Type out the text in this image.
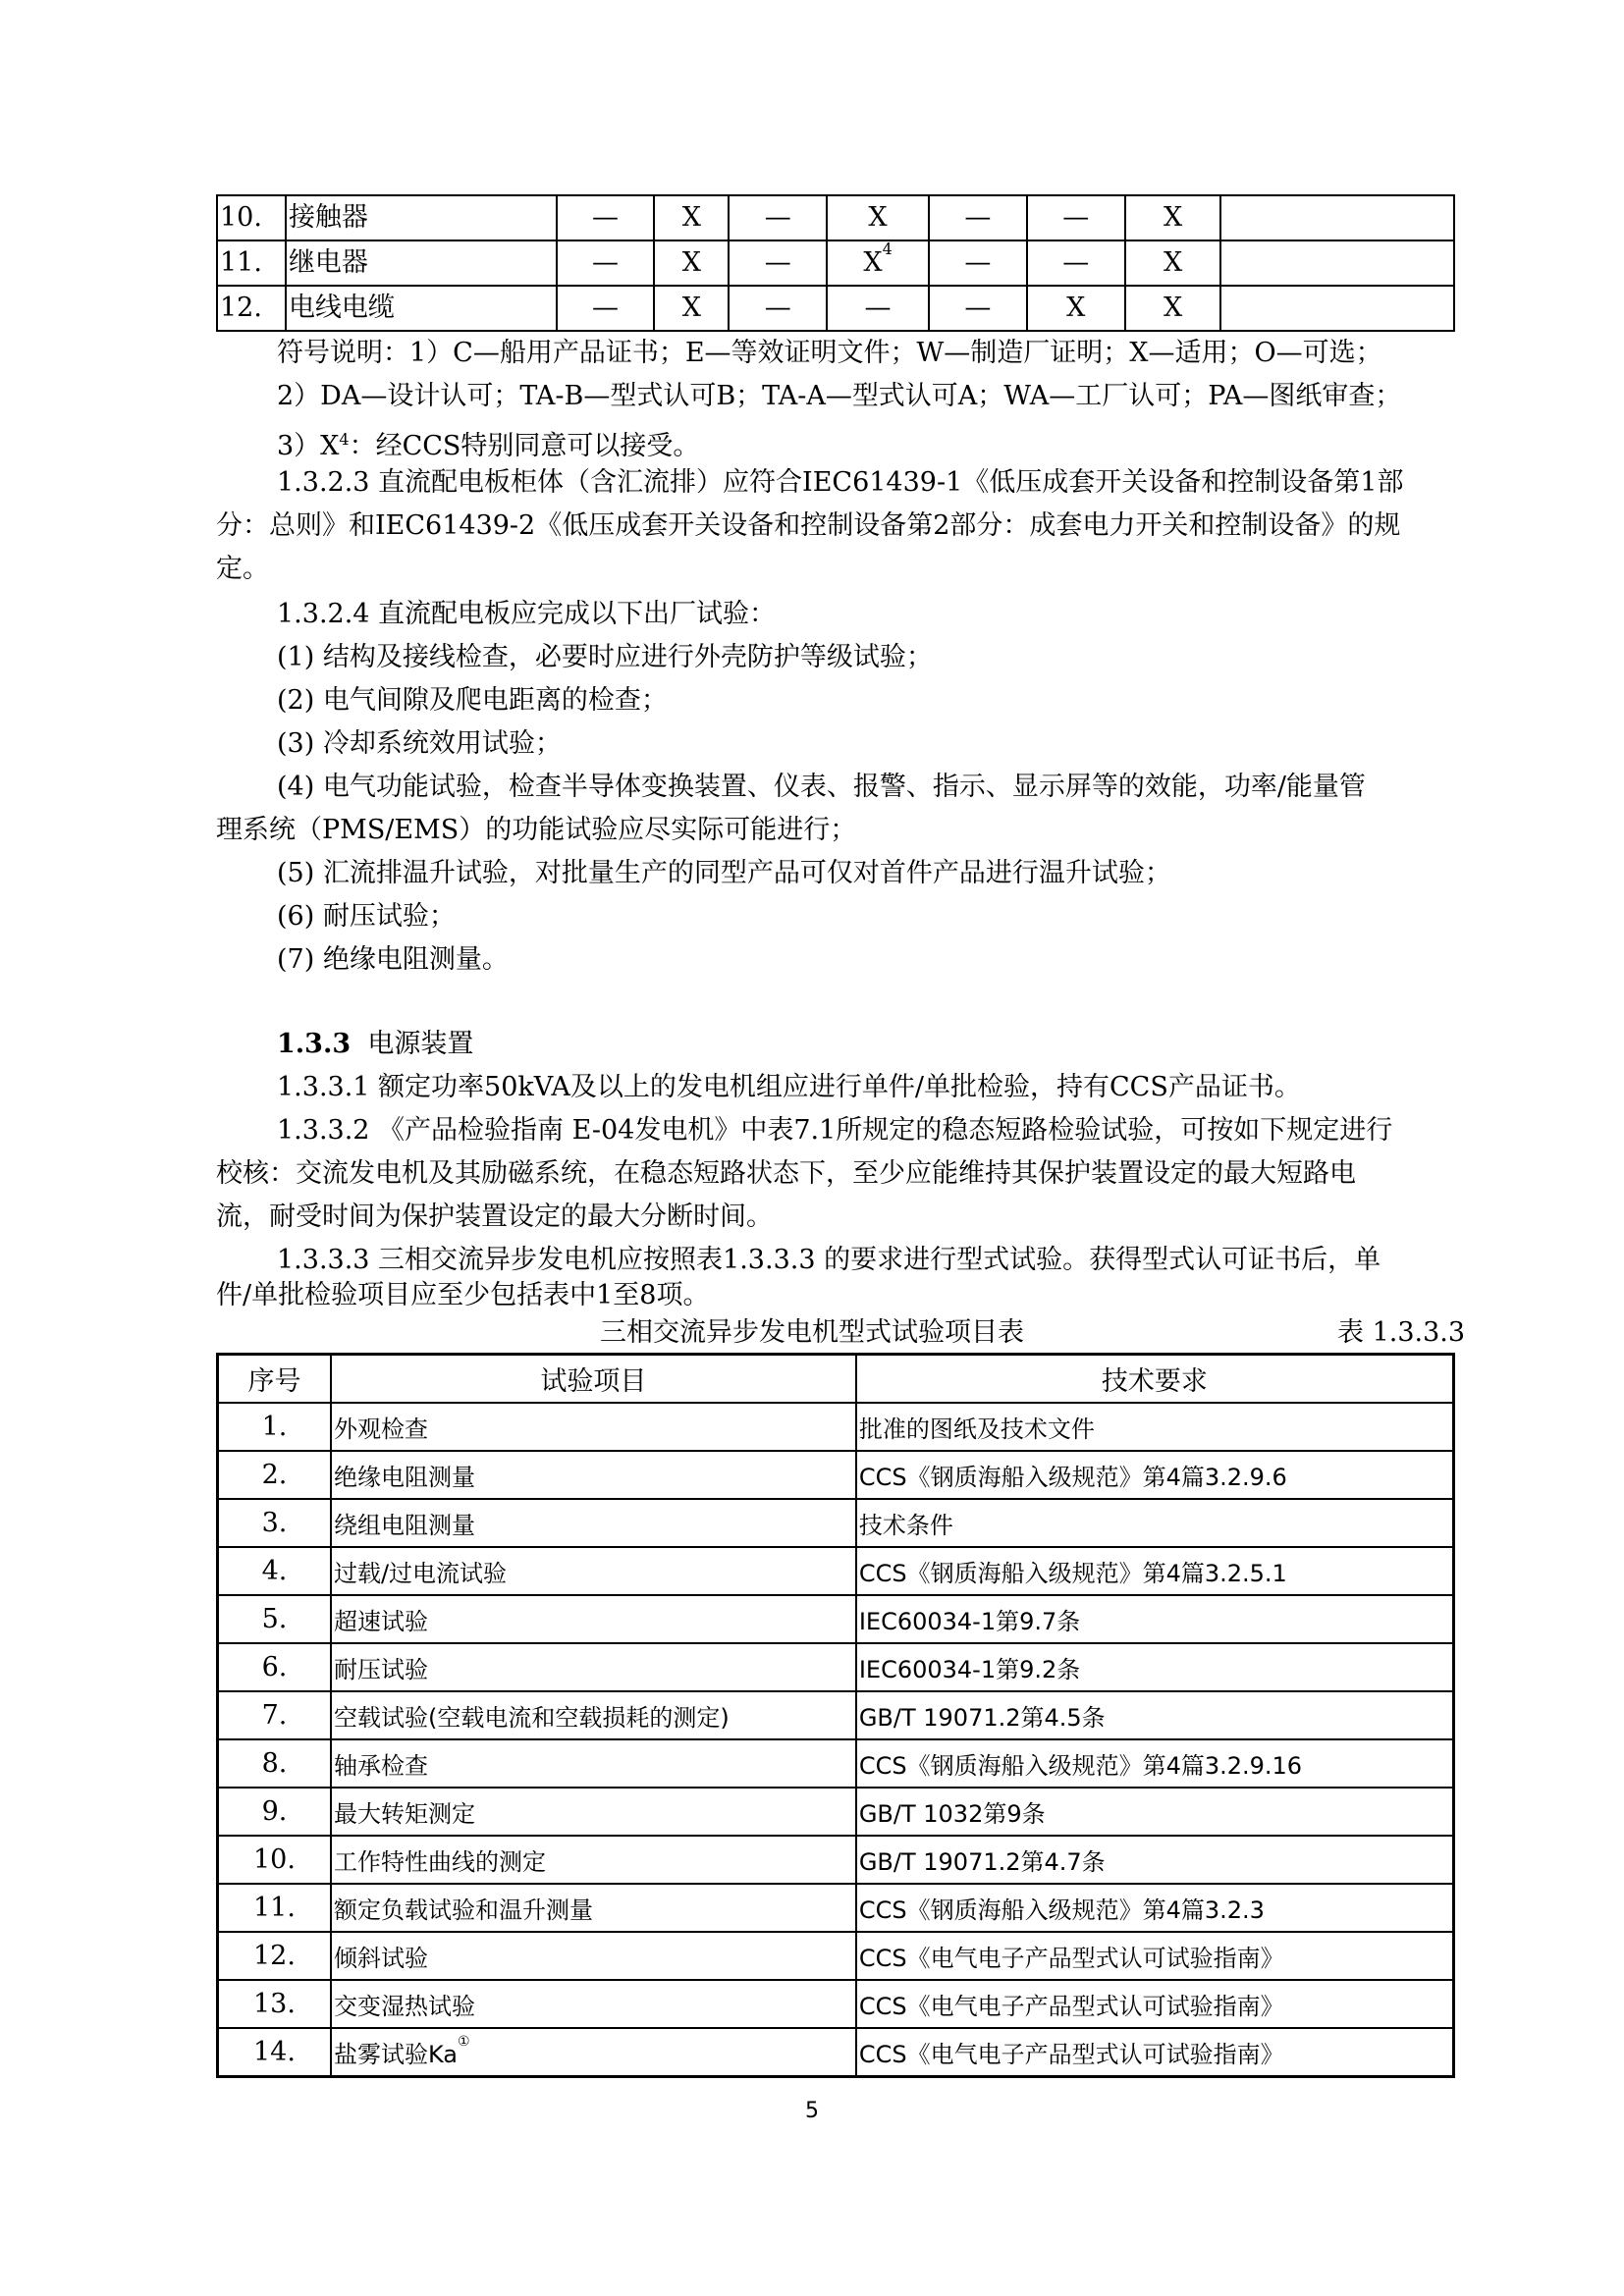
10.	接触器	—	X	—	X	—	—	X	
11.	继电器	—	X	—	$X^4$	—	—	X	
12.	电线电缆	—	X	—	—	—	X	X	
符号说明：1）C—船用产品证书；E—等效证明文件；W—制造厂证明；X—适用；O—可选；
2）DA—设计认可；TA-B—型式认可B；TA-A—型式认可A；WA—工厂认可；PA—图纸审查；
$3)X^4$：经CCS特别同意可以接受。
1.3.2.3 直流配电板柜体（含汇流排）应符合IEC61439-1《低压成套开关设备和控制设备第1部
分：总则》和IEC61439-2《低压成套开关设备和控制设备第2部分：成套电力开关和控制设备》的规
定。
1.3.2.4 直流配电板应完成以下出厂试验：
(1) 结构及接线检查，必要时应进行外壳防护等级试验；
(2) 电气间隙及爬电距离的检查；
(3) 冷却系统效用试验；
(4) 电气功能试验，检查半导体变换装置、仪表、报警、指示、显示屏等的效能，功率/能量管
理系统（PMS/EMS）的功能试验应尽实际可能进行；
(5) 汇流排温升试验，对批量生产的同型产品可仅对首件产品进行温升试验；
(6) 耐压试验；
(7) 绝缘电阻测量。
1.3.3 电源装置
1.3.3.1 额定功率50kVA及以上的发电机组应进行单件/单批检验，持有CCS产品证书。
1.3.3.2 《产品检验指南 E-04发电机》中表7.1所规定的稳态短路检验试验，可按如下规定进行
校核：交流发电机及其励磁系统，在稳态短路状态下，至少应能维持其保护装置设定的最大短路电
流，耐受时间为保护装置设定的最大分断时间。
1.3.3.3 三相交流异步发电机应按照表1.3.3.3 的要求进行型式试验。获得型式认可证书后，单
件/单批检验项目应至少包括表中1至8项。
三相交流异步发电机型式试验项目表	表 1.3.3.3
序号	试验项目	技术要求
1.	外观检查	批准的图纸及技术文件
2.	绝缘电阻测量	CCS《钢质海船入级规范》第4篇3.2.9.6
3.	绕组电阻测量	技术条件
4.	过载/过电流试验	CCS《钢质海船入级规范》第4篇3.2.5.1
5.	超速试验	IEC60034-1第9.7条
6.	耐压试验	IEC60034-1第9.2条
7.	空载试验(空载电流和空载损耗的测定)	GB/T 19071.2第4.5条
8.	轴承检查	CCS《钢质海船入级规范》第4篇3.2.9.16
9.	最大转矩测定	GB/T 1032第9条
10.	工作特性曲线的测定	GB/T 19071.2第4.7条
11.	额定负载试验和温升测量	CCS《钢质海船入级规范》第4篇3.2.3
12.	倾斜试验	CCS《电气电子产品型式认可试验指南》
13.	交变湿热试验	CCS《电气电子产品型式认可试验指南》
14.	盐雾试验Ka①	CCS《电气电子产品型式认可试验指南》
5
